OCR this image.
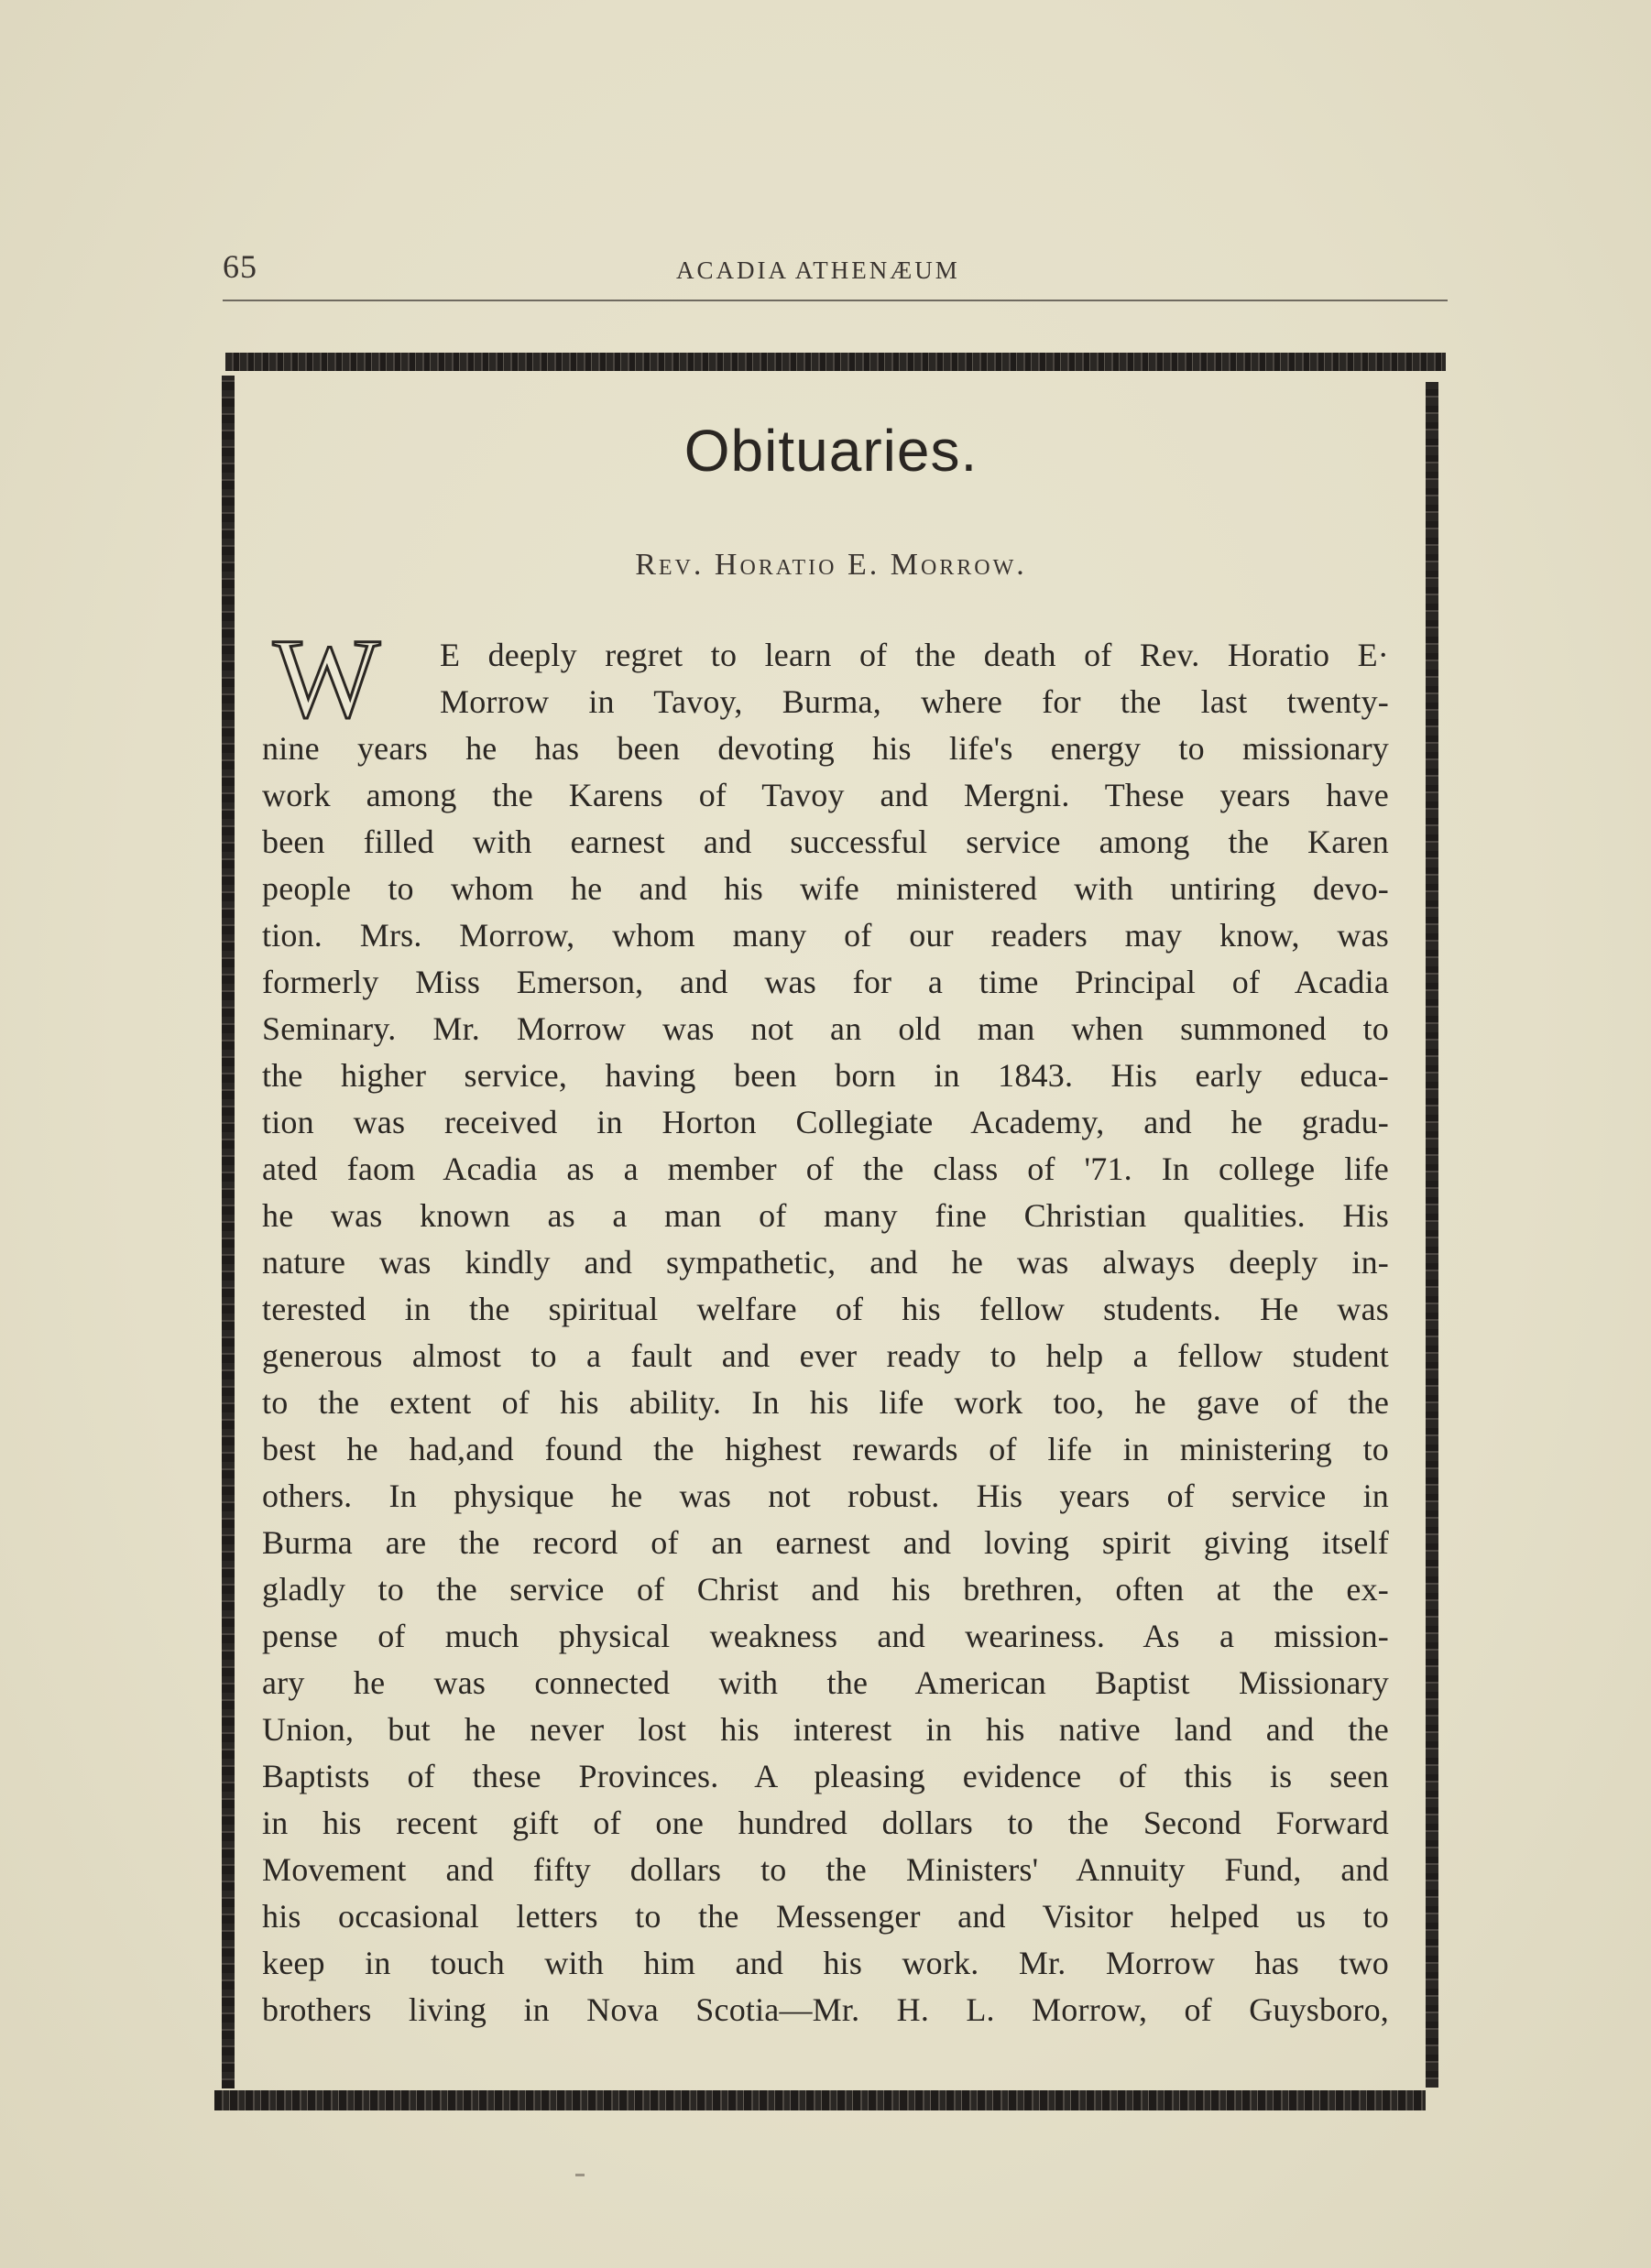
65	ACADIA ATHENÆUM
Obituaries.
Rev. Horatio E. Morrow.
W	E deeply regret to learn of the death of Rev. Horatio E·
Morrow in Tavoy, Burma, where for the last twenty-
nine years he has been devoting his life's energy to missionary
work among the Karens of Tavoy and Mergni. These years have
been filled with earnest and successful service among the Karen
people to whom he and his wife ministered with untiring devo-
tion. Mrs. Morrow, whom many of our readers may know, was
formerly Miss Emerson, and was for a time Principal of Acadia
Seminary. Mr. Morrow was not an old man when summoned to
the higher service, having been born in 1843. His early educa-
tion was received in Horton Collegiate Academy, and he gradu-
ated faom Acadia as a member of the class of '71. In college life
he was known as a man of many fine Christian qualities. His
nature was kindly and sympathetic, and he was always deeply in-
terested in the spiritual welfare of his fellow students. He was
generous almost to a fault and ever ready to help a fellow student
to the extent of his ability. In his life work too, he gave of the
best he had,and found the highest rewards of life in ministering to
others. In physique he was not robust. His years of service in
Burma are the record of an earnest and loving spirit giving itself
gladly to the service of Christ and his brethren, often at the ex-
pense of much physical weakness and weariness. As a mission-
ary he was connected with the American Baptist Missionary
Union, but he never lost his interest in his native land and the
Baptists of these Provinces. A pleasing evidence of this is seen
in his recent gift of one hundred dollars to the Second Forward
Movement and fifty dollars to the Ministers' Annuity Fund, and
his occasional letters to the Messenger and Visitor helped us to
keep in touch with him and his work. Mr. Morrow has two
brothers living in Nova Scotia—Mr. H. L. Morrow, of Guysboro,
